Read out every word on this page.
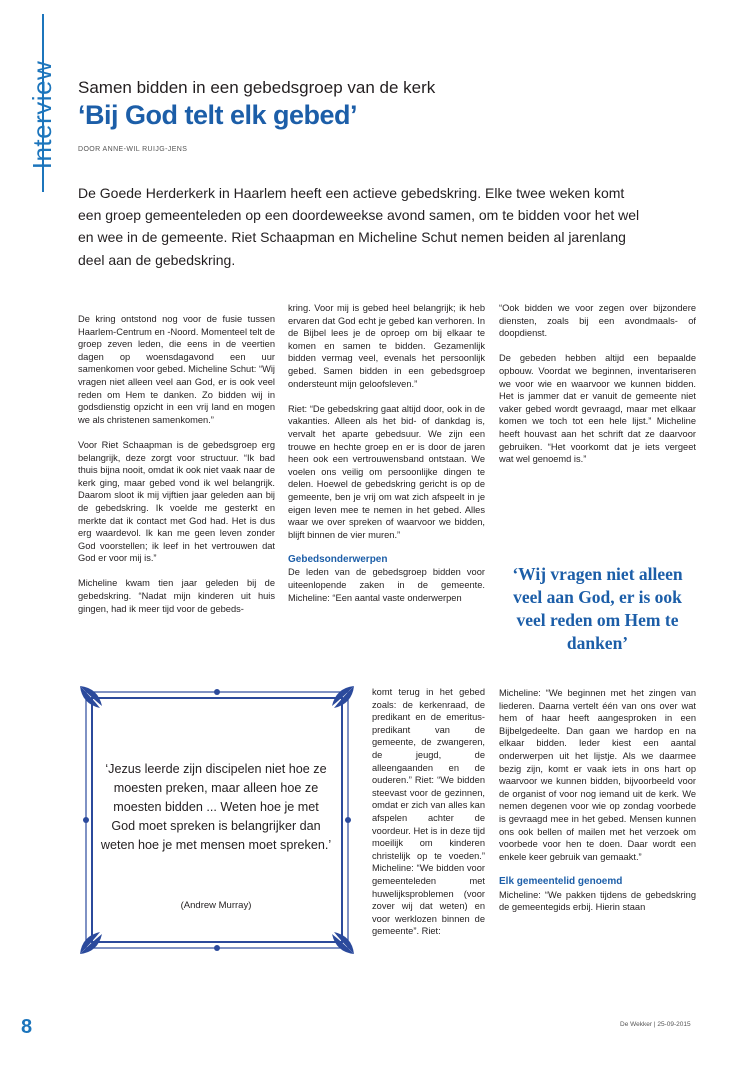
Interview Samen bidden in een gebedsgroep van de kerk
‘Bij God telt elk gebed’
DOOR ANNE-WIL RUIJG-JENS
De Goede Herderkerk in Haarlem heeft een actieve gebedskring. Elke twee weken komt een groep gemeenteleden op een doordeweekse avond samen, om te bidden voor het wel en wee in de gemeente. Riet Schaapman en Micheline Schut nemen beiden al jarenlang deel aan de gebedskring.

De kring ontstond nog voor de fusie tussen Haarlem-Centrum en -Noord. Momenteel telt de groep zeven leden, die eens in de veertien dagen op woensdagavond een uur samenkomen voor gebed. Micheline Schut: “Wij vragen niet alleen veel aan God, er is ook veel reden om Hem te danken. Zo bidden wij in godsdienstig opzicht in een vrij land en mogen we als christenen samenkomen.”

Voor Riet Schaapman is de gebedsgroep erg belangrijk, deze zorgt voor structuur. “Ik bad thuis bijna nooit, omdat ik ook niet vaak naar de kerk ging, maar gebed vond ik wel belangrijk. Daarom sloot ik mij vijftien jaar geleden aan bij de gebedskring. Ik voelde me gesterkt en merkte dat ik contact met God had. Het is dus erg waardevol. Ik kan me geen leven zonder God voorstellen; ik leef in het vertrouwen dat God er voor mij is.”

Micheline kwam tien jaar geleden bij de gebedskring. “Nadat mijn kinderen uit huis gingen, had ik meer tijd voor de gebeds-

kring. Voor mij is gebed heel belangrijk; ik heb ervaren dat God echt je gebed kan verhoren. In de Bijbel lees je de oproep om bij elkaar te komen en samen te bidden. Gezamenlijk bidden vermag veel, evenals het persoonlijk gebed. Samen bidden in een gebedsgroep ondersteunt mijn geloofsleven.”

Riet: “De gebedskring gaat altijd door, ook in de vakanties. Alleen als het bid- of dankdag is, vervalt het aparte gebedsuur. We zijn een trouwe en hechte groep en er is door de jaren heen ook een vertrouwensband ontstaan. We voelen ons veilig om persoonlijke dingen te delen. Hoewel de gebedskring gericht is op de gemeente, ben je vrij om wat zich afspeelt in je eigen leven mee te nemen in het gebed. Alles waar we over spreken of waarvoor we bidden, blijft binnen de vier muren.”

Gebedsonderwerpen

De leden van de gebedsgroep bidden voor uiteenlopende zaken in de gemeente. Micheline: “Een aantal vaste onderwerpen

komt terug in het gebed zoals: de kerkenraad, de predikant en de emerituspredikant van de gemeente, de zwangeren, de jeugd, de alleengaanden en de ouderen.” Riet: “We bidden steevast voor de gezinnen, omdat er zich van alles kan afspelen achter de voordeur. Het is in deze tijd moeilijk om kinderen christelijk op te voeden.” Micheline: “We bidden voor gemeenteleden met huwelijksproblemen (voor zover wij dat weten) en voor werklozen binnen de gemeente”. Riet:

“Ook bidden we voor zegen over bijzondere diensten, zoals bij een avondmaals- of doopdienst.

De gebeden hebben altijd een bepaalde opbouw. Voordat we beginnen, inventariseren we voor wie en waarvoor we kunnen bidden. Het is jammer dat er vanuit de gemeente niet vaker gebed wordt gevraagd, maar met elkaar komen we toch tot een hele lijst.” Micheline heeft houvast aan het schrift dat ze daarvoor gebruiken. “Het voorkomt dat je iets vergeet wat wel genoemd is.”

‘Wij vragen niet alleen veel aan God, er is ook veel reden om Hem te danken’

Micheline: “We beginnen met het zingen van liederen. Daarna vertelt één van ons over wat hem of haar heeft aangesproken in een Bijbelgedeelte. Dan gaan we hardop en na elkaar bidden. Ieder kiest een aantal onderwerpen uit het lijstje. Als we daarmee bezig zijn, komt er vaak iets in ons hart op waarvoor we kunnen bidden, bijvoorbeeld voor de organist of voor nog iemand uit de kerk. We nemen degenen voor wie op zondag voorbede is gevraagd mee in het gebed. Mensen kunnen ons ook bellen of mailen met het verzoek om voorbede voor hen te doen. Daar wordt een enkele keer gebruik van gemaakt.”

Elk gemeentelid genoemd

Micheline: “We pakken tijdens de gebedskring de gemeentegids erbij. Hierin staan

‘Jezus leerde zijn discipelen niet hoe ze moesten preken, maar alleen hoe ze moesten bidden ... Weten hoe je met God moet spreken is belangrijker dan weten hoe je met mensen moet spreken.’
(Andrew Murray)
8	De Wekker | 25-09-2015
